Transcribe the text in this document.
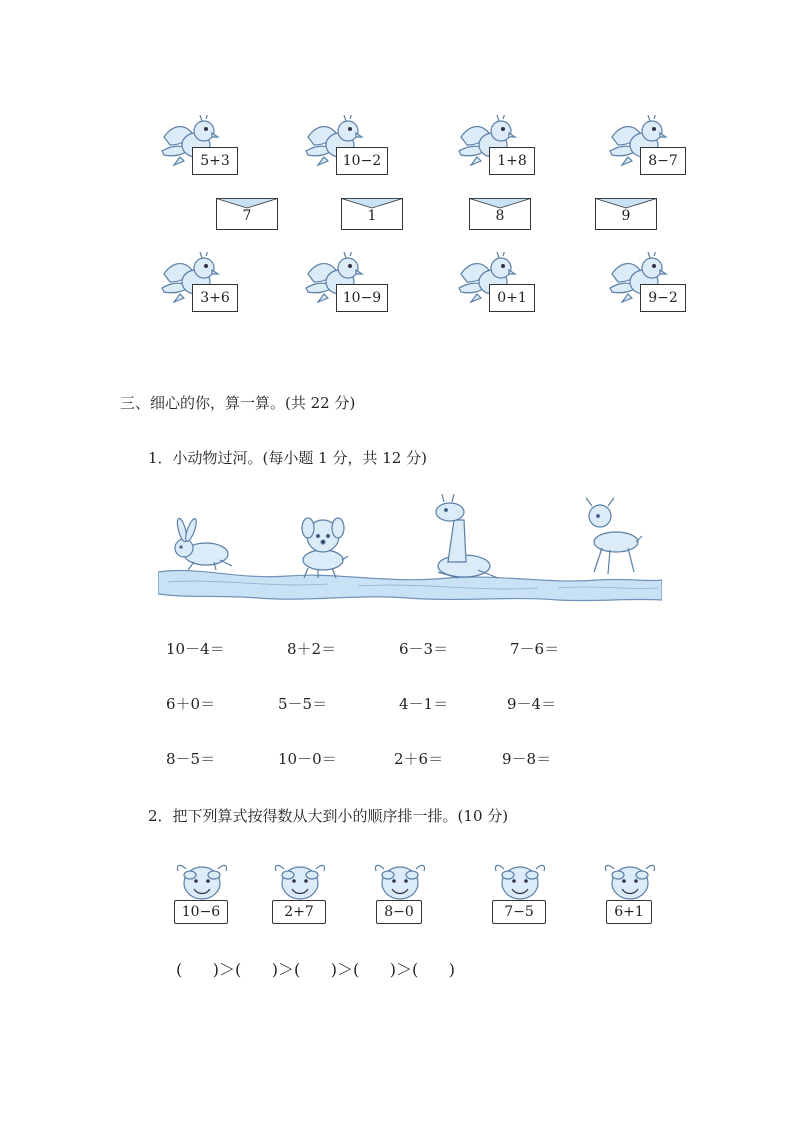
5+3	10−2	1+8	8−7
7	1	8	9
3+6	10−9	0+1	9−2
三、细心的你，算一算。(共 22 分)
1．小动物过河。(每小题 1 分，共 12 分)
10－4＝	8＋2＝	6－3＝	7－6＝
6＋0＝	5－5＝	4－1＝	9－4＝
8－5＝	10－0＝	2＋6＝	9－8＝
2．把下列算式按得数从大到小的顺序排一排。(10 分)
10−6	2+7	8−0	7−5	6+1
(      )＞(      )＞(      )＞(      )＞(      )
